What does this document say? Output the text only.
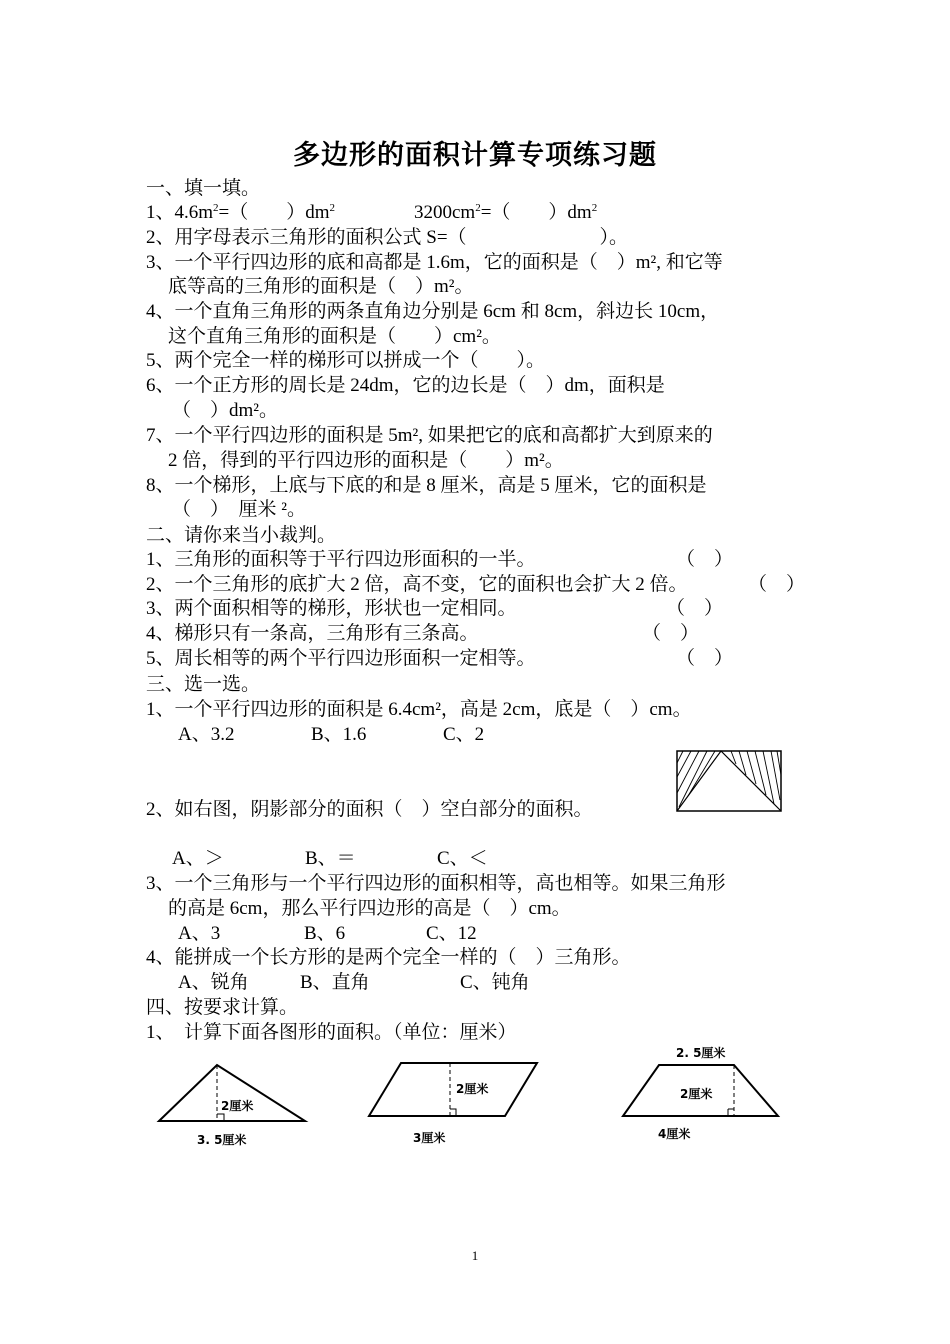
多边形的面积计算专项练习题
一、填一填。
1、$4.6m^2=$（　　）$dm^2$	$3200cm^2=$（　　）$dm^2$
2、用字母表示三角形的面积公式 S=（　　　　　　　）。
3、一个平行四边形的底和高都是 1.6m，它的面积是（　）m², 和它等
底等高的三角形的面积是（　）m²。
4、一个直角三角形的两条直角边分别是 6cm 和 8cm，斜边长 10cm，
这个直角三角形的面积是（　　）cm²。
5、两个完全一样的梯形可以拼成一个（　　）。
6、一个正方形的周长是 24dm，它的边长是（　）dm，面积是
（　）dm²。
7、一个平行四边形的面积是 5m², 如果把它的底和高都扩大到原来的
2 倍，得到的平行四边形的面积是（　　）m²。
8、一个梯形，上底与下底的和是 8 厘米，高是 5 厘米，它的面积是
（　）　厘米 ²。
二、请你来当小裁判。
1、三角形的面积等于平行四边形面积的一半。	（　）
2、一个三角形的底扩大 2 倍，高不变，它的面积也会扩大 2 倍。	（　）
3、两个面积相等的梯形，形状也一定相同。	（　）
4、梯形只有一条高，三角形有三条高。	（　）
5、周长相等的两个平行四边形面积一定相等。	（　）
三、选一选。
1、一个平行四边形的面积是 6.4cm²，高是 2cm，底是（　）cm。
A、3.2	B、1.6	C、2
2、如右图，阴影部分的面积（　）空白部分的面积。
A、＞	B、＝	C、＜
3、一个三角形与一个平行四边形的面积相等，高也相等。如果三角形
的高是 6cm，那么平行四边形的高是（　）cm。
A、3	B、6	C、12
4、能拼成一个长方形的是两个完全一样的（　）三角形。
A、锐角	B、直角	C、钝角
四、按要求计算。
1、　计算下面各图形的面积。（单位：厘米）
2厘米
3. 5厘米
2厘米
3厘米
2. 5厘米
2厘米
4厘米
1
